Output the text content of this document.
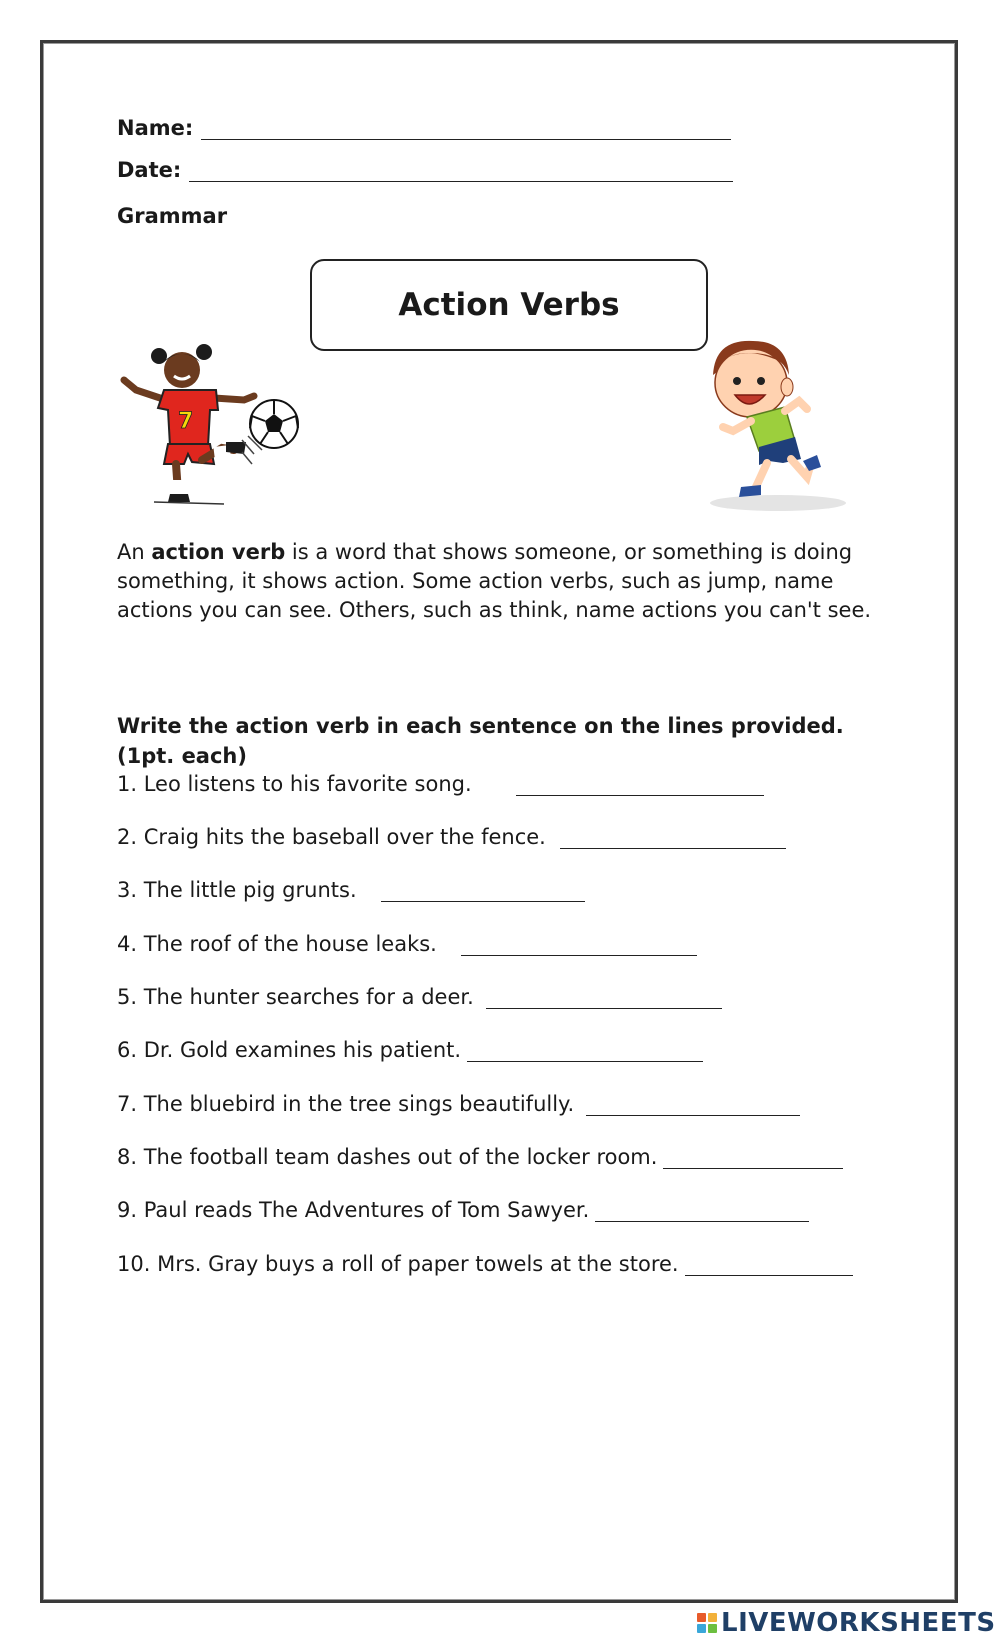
Name:
Date:
Grammar
Action Verbs
7
An action verb is a word that shows someone, or something is doing something, it shows action. Some action verbs, such as jump, name actions you can see. Others, such as think, name actions you can't see.
Write the action verb in each sentence on the lines provided. (1pt. each)
1. Leo listens to his favorite song.
2. Craig hits the baseball over the fence.
3. The little pig grunts.
4. The roof of the house leaks.
5. The hunter searches for a deer.
6. Dr. Gold examines his patient.
7. The bluebird in the tree sings beautifully.
8. The football team dashes out of the locker room.
9. Paul reads The Adventures of Tom Sawyer.
10. Mrs. Gray buys a roll of paper towels at the store.
LIVEWORKSHEETS
